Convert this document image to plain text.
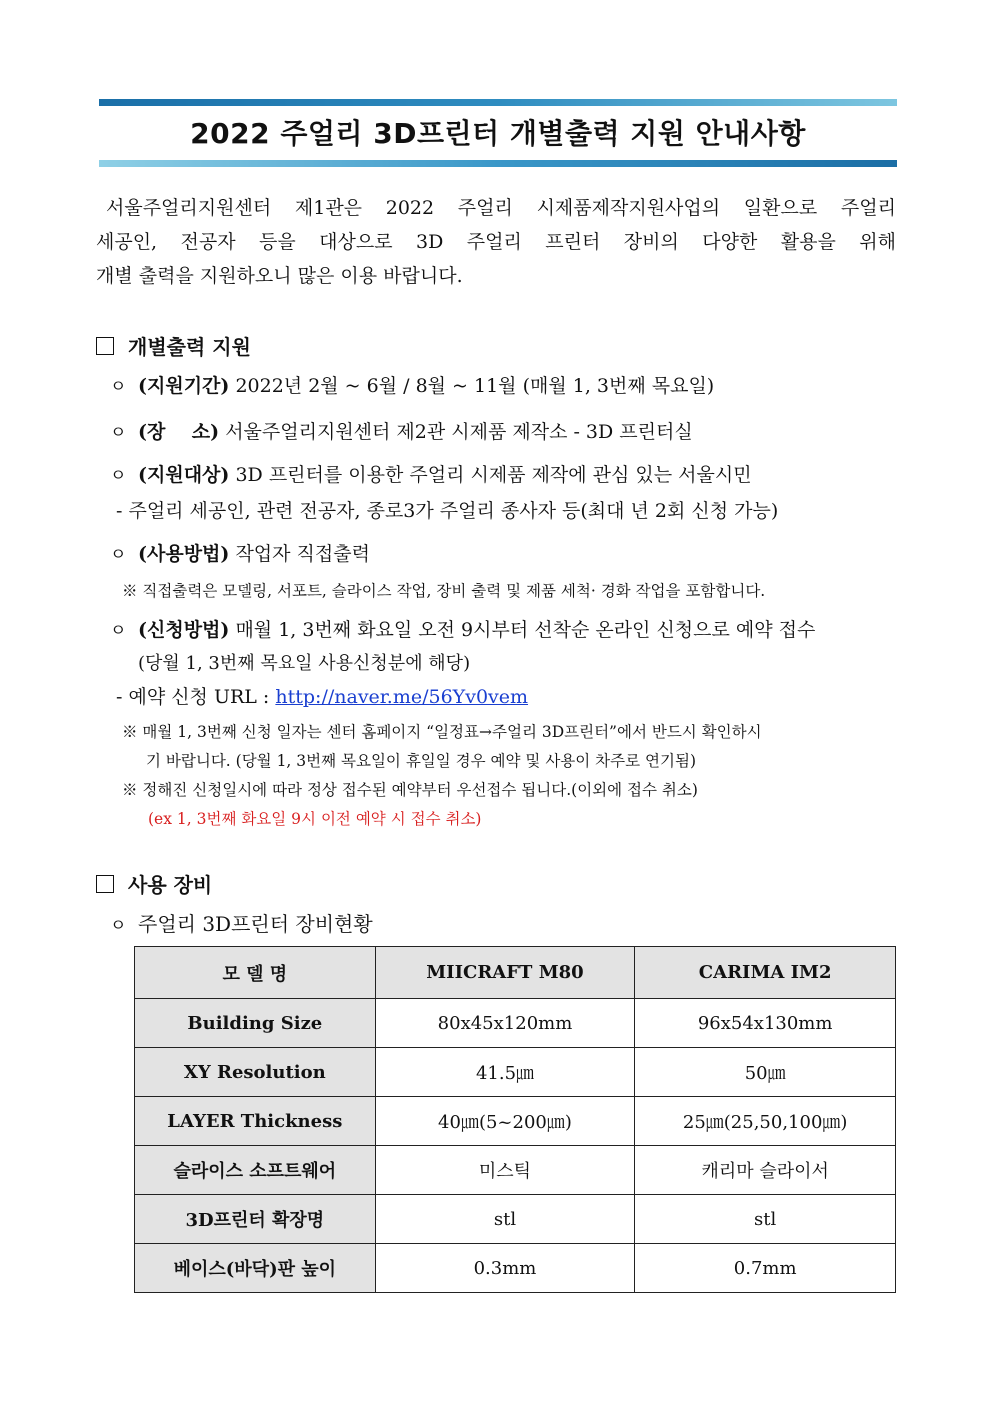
2022 주얼리 3D프린터 개별출력 지원 안내사항
서울주얼리지원센터 제1관은 2022 주얼리 시제품제작지원사업의 일환으로 주얼리
세공인, 전공자 등을 대상으로 3D 주얼리 프린터 장비의 다양한 활용을 위해
개별 출력을 지원하오니 많은 이용 바랍니다.
개별출력 지원
ㅇ (지원기간) 2022년 2월 ~ 6월 / 8월 ~ 11월 (매월 1, 3번째 목요일)
ㅇ (장    소) 서울주얼리지원센터 제2관 시제품 제작소 - 3D 프린터실
ㅇ (지원대상) 3D 프린터를 이용한 주얼리 시제품 제작에 관심 있는 서울시민
- 주얼리 세공인, 관련 전공자, 종로3가 주얼리 종사자 등(최대 년 2회 신청 가능)
ㅇ (사용방법) 작업자 직접출력
※ 직접출력은 모델링, 서포트, 슬라이스 작업, 장비 출력 및 제품 세척· 경화 작업을 포함합니다.
ㅇ (신청방법) 매월 1, 3번째 화요일 오전 9시부터 선착순 온라인 신청으로 예약 접수
(당월 1, 3번째 목요일 사용신청분에 해당)
- 예약 신청 URL : http://naver.me/56Yv0vem
※ 매월 1, 3번째 신청 일자는 센터 홈페이지 “일정표→주얼리 3D프린터”에서 반드시 확인하시
기 바랍니다. (당월 1, 3번째 목요일이 휴일일 경우 예약 및 사용이 차주로 연기됨)
※ 정해진 신청일시에 따라 정상 접수된 예약부터 우선접수 됩니다.(이외에 접수 취소)
(ex 1, 3번째 화요일 9시 이전 예약 시 접수 취소)
사용 장비
ㅇ 주얼리 3D프린터 장비현황
모 델 명	MIICRAFT M80	CARIMA IM2
Building Size	80x45x120mm	96x54x130mm
XY Resolution	41.5㎛	50㎛
LAYER Thickness	40㎛(5~200㎛)	25㎛(25,50,100㎛)
슬라이스 소프트웨어	미스틱	캐리마 슬라이서
3D프린터 확장명	stl	stl
베이스(바닥)판 높이	0.3mm	0.7mm
